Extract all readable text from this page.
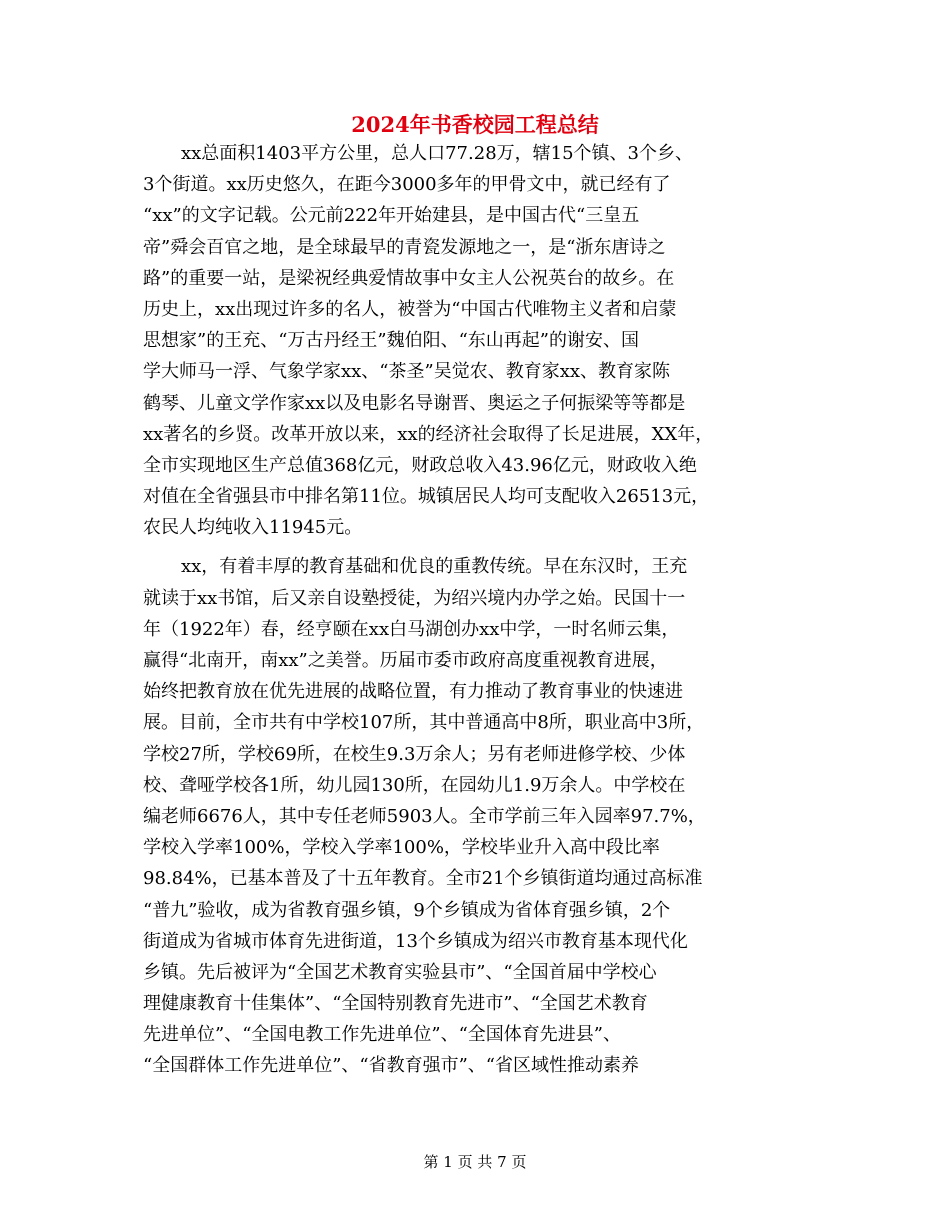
2024年书香校园工程总结
xx总面积1403平方公里，总人口77.28万，辖15个镇、3个乡、
3个街道。xx历史悠久，在距今3000多年的甲骨文中，就已经有了
“xx”的文字记载。公元前222年开始建县，是中国古代“三皇五
帝”舜会百官之地，是全球最早的青瓷发源地之一，是“浙东唐诗之
路”的重要一站，是梁祝经典爱情故事中女主人公祝英台的故乡。在
历史上，xx出现过许多的名人，被誉为“中国古代唯物主义者和启蒙
思想家”的王充、“万古丹经王”魏伯阳、“东山再起”的谢安、国
学大师马一浮、气象学家xx、“茶圣”吴觉农、教育家xx、教育家陈
鹤琴、儿童文学作家xx以及电影名导谢晋、奥运之子何振梁等等都是
xx著名的乡贤。改革开放以来，xx的经济社会取得了长足进展，XX年，
全市实现地区生产总值368亿元，财政总收入43.96亿元，财政收入绝
对值在全省强县市中排名第11位。城镇居民人均可支配收入26513元，
农民人均纯收入11945元。
xx，有着丰厚的教育基础和优良的重教传统。早在东汉时，王充
就读于xx书馆，后又亲自设塾授徒，为绍兴境内办学之始。民国十一
年（1922年）春，经亨颐在xx白马湖创办xx中学，一时名师云集，
赢得“北南开，南xx”之美誉。历届市委市政府高度重视教育进展，
始终把教育放在优先进展的战略位置，有力推动了教育事业的快速进
展。目前，全市共有中学校107所，其中普通高中8所，职业高中3所，
学校27所，学校69所，在校生9.3万余人；另有老师进修学校、少体
校、聋哑学校各1所，幼儿园130所，在园幼儿1.9万余人。中学校在
编老师6676人，其中专任老师5903人。全市学前三年入园率97.7%，
学校入学率100%，学校入学率100%，学校毕业升入高中段比率
98.84%，已基本普及了十五年教育。全市21个乡镇街道均通过高标准
“普九”验收，成为省教育强乡镇，9个乡镇成为省体育强乡镇，2个
街道成为省城市体育先进街道，13个乡镇成为绍兴市教育基本现代化
乡镇。先后被评为“全国艺术教育实验县市”、“全国首届中学校心
理健康教育十佳集体”、“全国特别教育先进市”、“全国艺术教育
先进单位”、“全国电教工作先进单位”、“全国体育先进县”、
“全国群体工作先进单位”、“省教育强市”、“省区域性推动素养
第 1 页 共 7 页
